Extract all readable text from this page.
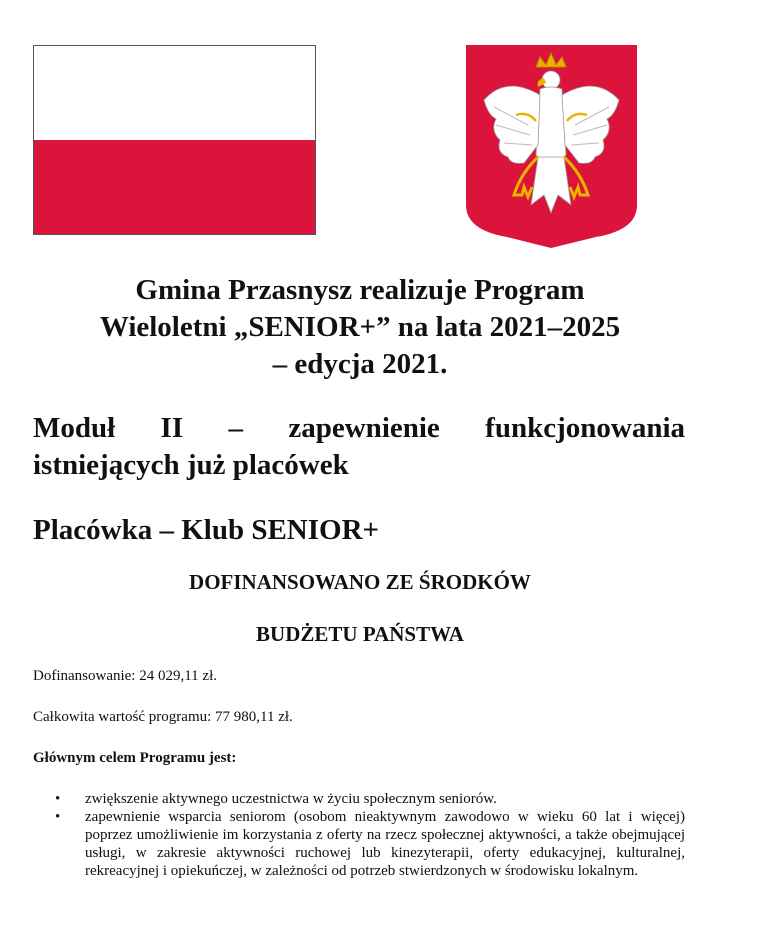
Gmina Przasnysz realizuje Program
Wieloletni „SENIOR+” na lata 2021–2025
– edycja 2021.
Moduł II – zapewnienie funkcjonowania istniejących już placówek
Placówka – Klub SENIOR+
DOFINANSOWANO ZE ŚRODKÓW
BUDŻETU PAŃSTWA
Dofinansowanie: 24 029,11 zł.
Całkowita wartość programu: 77 980,11 zł.
Głównym celem Programu jest:
• zwiększenie aktywnego uczestnictwa w życiu społecznym seniorów.
• zapewnienie wsparcia seniorom (osobom nieaktywnym zawodowo w wieku 60 lat i więcej) poprzez umożliwienie im korzystania z oferty na rzecz społecznej aktywności, a także obejmującej usługi, w zakresie aktywności ruchowej lub kinezyterapii, oferty edukacyjnej, kulturalnej, rekreacyjnej i opiekuńczej, w zależności od potrzeb stwierdzonych w środowisku lokalnym.
